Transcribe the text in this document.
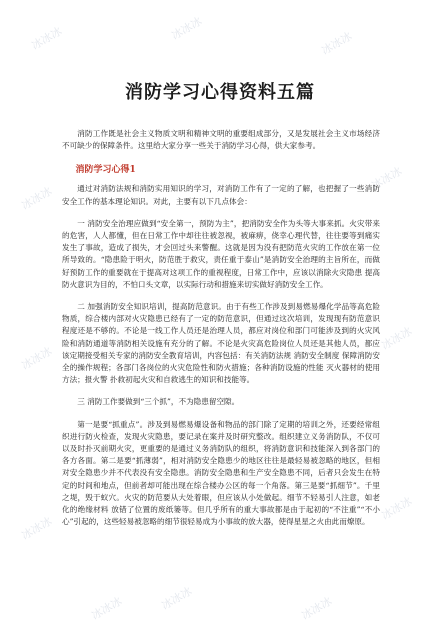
冰冰冰	冰冰冰
冰冰冰
冰冰冰
冰冰冰
冰冰冰
冰冰冰
冰冰冰
冰冰冰
冰冰冰	冰冰冰
冰冰冰
消防学习心得资料五篇

消防工作既是社会主义物质文明和精神文明的重要组成部分，又是发展社会主义市场经济不可缺少的保障条件。这里给大家分享一些关于消防学习心得，供大家参考。

消防学习心得1

通过对消防法规和消防实用知识的学习，对消防工作有了一定的了解，也把握了一些消防安全工作的基本理论知识。对此，主要有以下几点体会：

一 消防安全治理应做到“安全第一，预防为主”，把消防安全作为头等大事来抓。火灾带来的危害，人人都懂，但在日常工作中却往往被忽视，被麻痹，侥幸心理代替，往往要等到痛实发生了事故，造成了损失，才会回过头来警醒。这就是因为没有把防范火灾的工作放在第一位所导致的。“隐患险于明火，防范胜于救灾，责任重于泰山”是消防安全治理的主旨所在，而做好预防工作的重要就在于提高对这项工作的重视程度，日常工作中，应该以消除火灾隐患 提高防火意识为目的，不怕口头文章，以实际行动和措施来切实做好消防安全工作。

二 加强消防安全知识培训，提高防范意识。由于有些工作涉及到易燃易爆化学品等高危险物质，综合楼内部对火灾隐患已经有了一定的防范意识，但通过这次培训，发现现有防范意识程度还是不够的。不论是一线工作人员还是治理人员，都应对岗位和部门可能涉及到的火灾风险和消防通道等消防相关设施有充分的了解。不论是火灾高危险岗位人员还是其他人员，都应该定期接受相关专家的消防安全教育培训，内容包括：有关消防法规 消防安全制度 保障消防安全的操作规程；各部门各岗位的火灾危险性和防火措施；各种消防设施的性能 灭火器材的使用方法；报火警 扑救初起火灾和自救逃生的知识和技能等。

三 消防工作要做到“三个抓”，不为隐患留空隙。

第一是要“抓重点”。涉及到易燃易爆设备和物品的部门除了定期的培训之外，还要经常组织进行防火检查，发现火灾隐患，要记录在案并及时研究整改。组织建立义务消防队，不仅可以及时扑灭前期火灾，更重要的是通过义务消防队的组织，将消防意识和技能深入到各部门的各方各面。第二是要“抓薄弱”，相对消防安全隐患少的地区往往是最轻易被忽略的地区，但相对安全隐患少并不代表没有安全隐患。消防安全隐患和生产安全隐患不同，后者只会发生在特定的时间和地点，但前者却可能出现在综合楼办公区的每一个角落。第三是要“抓细节”。千里之堤，毁于蚁穴。火灾的防范要从大处着眼，但应该从小处做起。细节不轻易引人注意，如老化的绝缘材料 放错了位置的废纸篓等。但几乎所有的重大事故都是由于起初的“不注重”“不小心”引起的，这些轻易被忽略的细节很轻易成为小事故的放大器，使得星星之火由此而燎原。
